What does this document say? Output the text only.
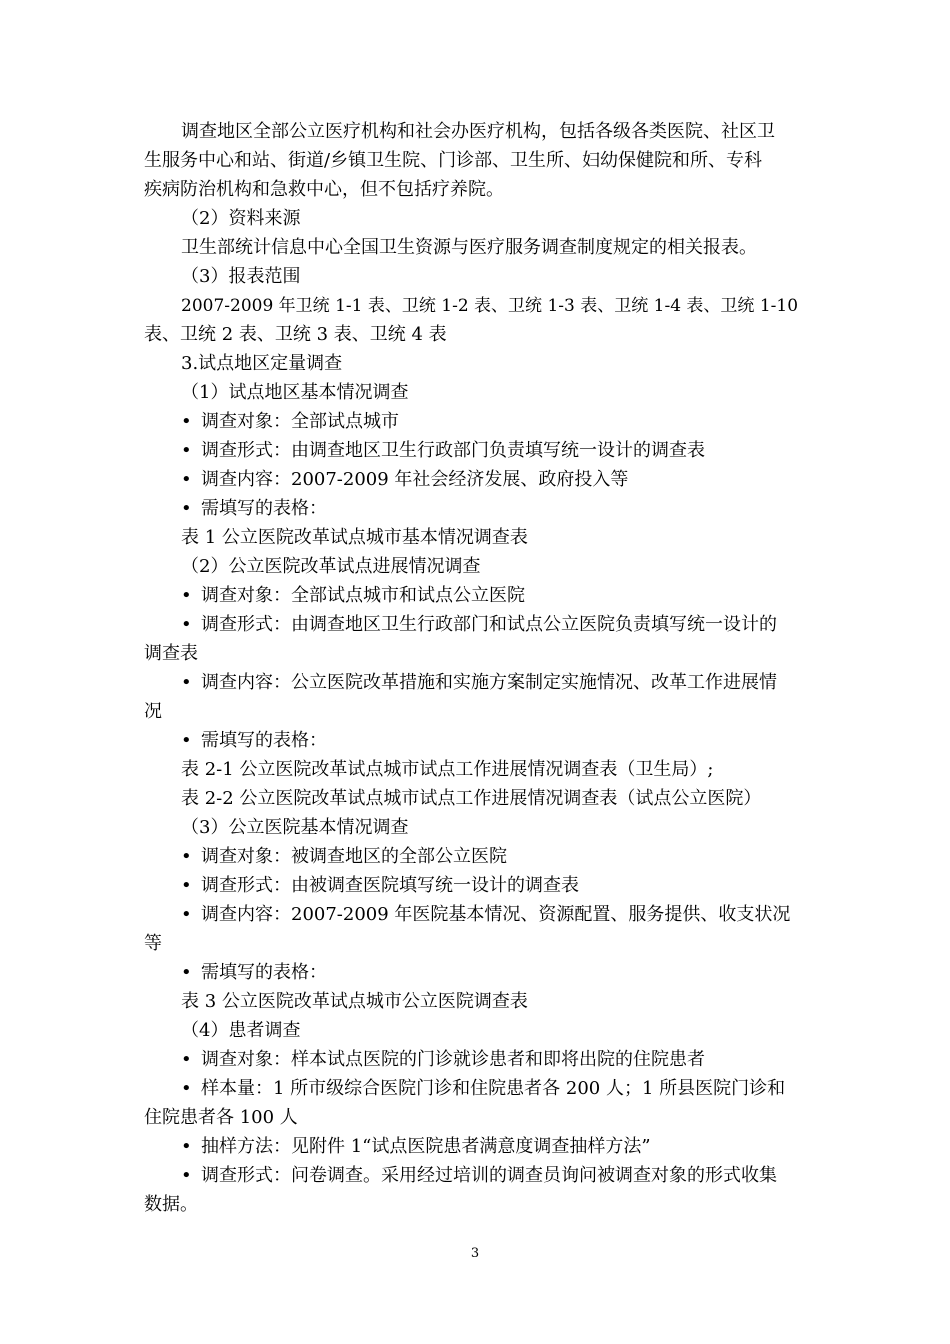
调查地区全部公立医疗机构和社会办医疗机构，包括各级各类医院、社区卫
生服务中心和站、街道/乡镇卫生院、门诊部、卫生所、妇幼保健院和所、专科
疾病防治机构和急救中心，但不包括疗养院。
（2）资料来源
卫生部统计信息中心全国卫生资源与医疗服务调查制度规定的相关报表。
（3）报表范围
2007-2009 年卫统 1-1 表、卫统 1-2 表、卫统 1-3 表、卫统 1-4 表、卫统 1-10
表、卫统 2 表、卫统 3 表、卫统 4 表
3.试点地区定量调查
（1）试点地区基本情况调查
• 调查对象：全部试点城市
• 调查形式：由调查地区卫生行政部门负责填写统一设计的调查表
• 调查内容：2007-2009 年社会经济发展、政府投入等
• 需填写的表格：
表 1 公立医院改革试点城市基本情况调查表
（2）公立医院改革试点进展情况调查
• 调查对象：全部试点城市和试点公立医院
• 调查形式：由调查地区卫生行政部门和试点公立医院负责填写统一设计的
调查表
• 调查内容：公立医院改革措施和实施方案制定实施情况、改革工作进展情
况
• 需填写的表格：
表 2-1 公立医院改革试点城市试点工作进展情况调查表（卫生局）;
表 2-2 公立医院改革试点城市试点工作进展情况调查表（试点公立医院）
（3）公立医院基本情况调查
• 调查对象：被调查地区的全部公立医院
• 调查形式：由被调查医院填写统一设计的调查表
• 调查内容：2007-2009 年医院基本情况、资源配置、服务提供、收支状况
等
• 需填写的表格：
表 3 公立医院改革试点城市公立医院调查表
（4）患者调查
• 调查对象：样本试点医院的门诊就诊患者和即将出院的住院患者
• 样本量：1 所市级综合医院门诊和住院患者各 200 人；1 所县医院门诊和
住院患者各 100 人
• 抽样方法：见附件 1“试点医院患者满意度调查抽样方法”
• 调查形式：问卷调查。采用经过培训的调查员询问被调查对象的形式收集
数据。
3
